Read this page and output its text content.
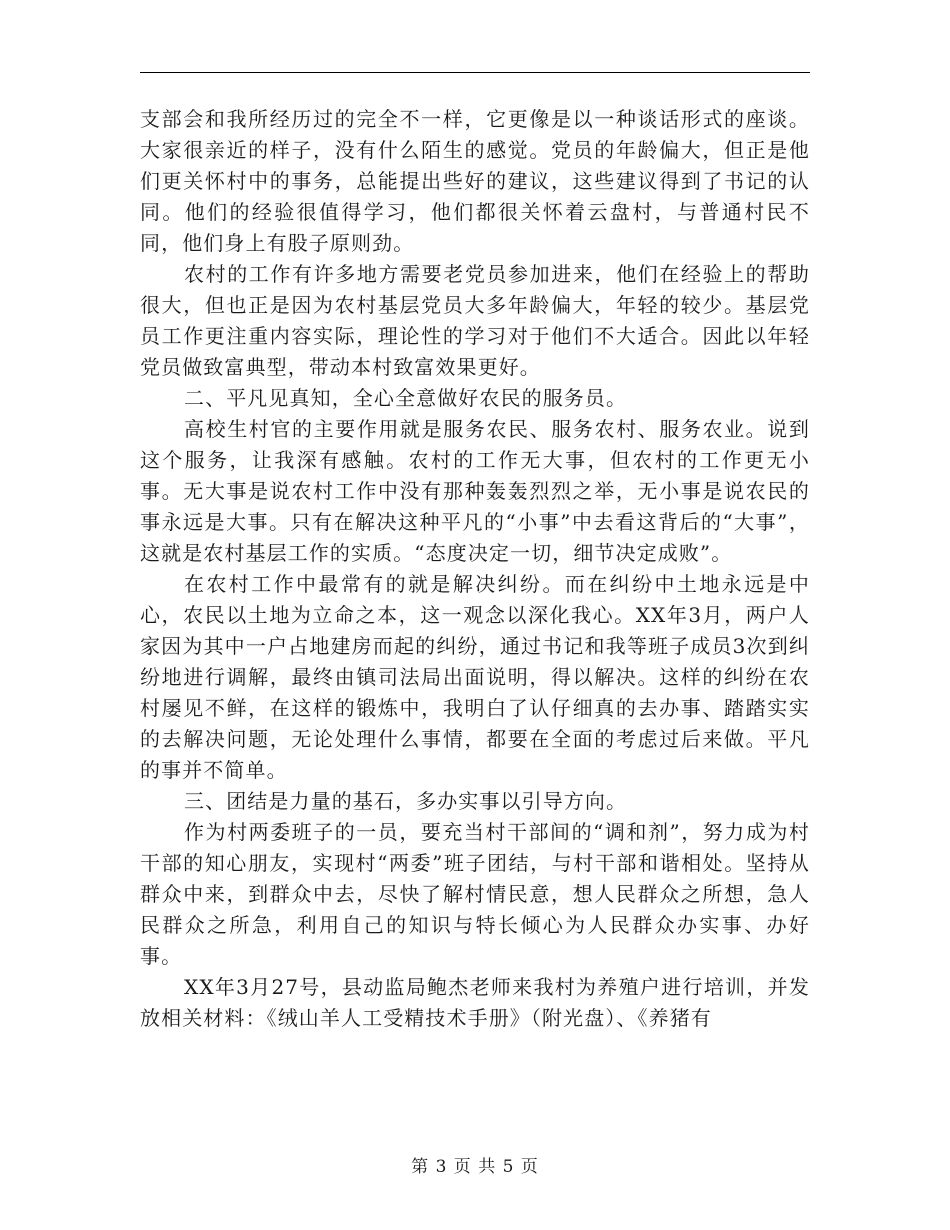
支部会和我所经历过的完全不一样，它更像是以一种谈话形式的座谈。大家很亲近的样子，没有什么陌生的感觉。党员的年龄偏大，但正是他们更关怀村中的事务，总能提出些好的建议，这些建议得到了书记的认同。他们的经验很值得学习，他们都很关怀着云盘村，与普通村民不同，他们身上有股子原则劲。

农村的工作有许多地方需要老党员参加进来，他们在经验上的帮助很大，但也正是因为农村基层党员大多年龄偏大，年轻的较少。基层党员工作更注重内容实际，理论性的学习对于他们不大适合。因此以年轻党员做致富典型，带动本村致富效果更好。

二、平凡见真知，全心全意做好农民的服务员。

高校生村官的主要作用就是服务农民、服务农村、服务农业。说到这个服务，让我深有感触。农村的工作无大事，但农村的工作更无小事。无大事是说农村工作中没有那种轰轰烈烈之举，无小事是说农民的事永远是大事。只有在解决这种平凡的“小事”中去看这背后的“大事”，这就是农村基层工作的实质。“态度决定一切，细节决定成败”。

在农村工作中最常有的就是解决纠纷。而在纠纷中土地永远是中心，农民以土地为立命之本，这一观念以深化我心。XX年3月，两户人家因为其中一户占地建房而起的纠纷，通过书记和我等班子成员3次到纠纷地进行调解，最终由镇司法局出面说明，得以解决。这样的纠纷在农村屡见不鲜，在这样的锻炼中，我明白了认仔细真的去办事、踏踏实实的去解决问题，无论处理什么事情，都要在全面的考虑过后来做。平凡的事并不简单。

三、团结是力量的基石，多办实事以引导方向。

作为村两委班子的一员，要充当村干部间的“调和剂”，努力成为村干部的知心朋友，实现村“两委”班子团结，与村干部和谐相处。坚持从群众中来，到群众中去，尽快了解村情民意，想人民群众之所想，急人民群众之所急，利用自己的知识与特长倾心为人民群众办实事、办好事。

XX年3月27号，县动监局鲍杰老师来我村为养殖户进行培训，并发放相关材料：《绒山羊人工受精技术手册》（附光盘）、《养猪有

第 3 页 共 5 页
